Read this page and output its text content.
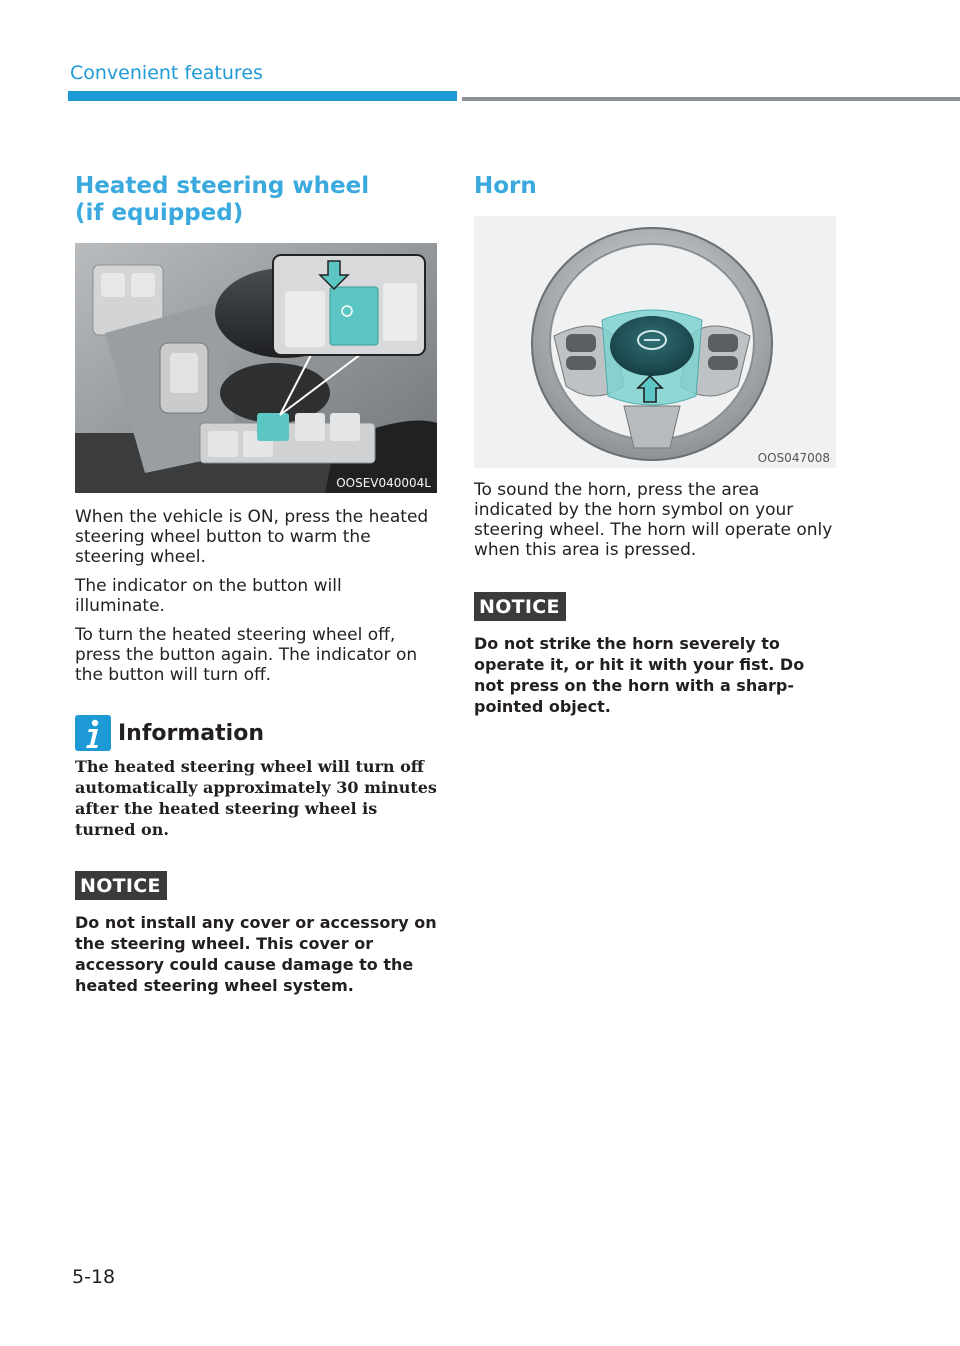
Convenient features
Heated steering wheel
(if equipped)
OOSEV040004L

When the vehicle is ON, press the heated steering wheel button to warm the steering wheel.

The indicator on the button will illuminate.

To turn the heated steering wheel off, press the button again. The indicator on the button will turn off.

Information
The heated steering wheel will turn off automatically approximately 30 minutes after the heated steering wheel is turned on.
NOTICE
Do not install any cover or accessory on the steering wheel. This cover or accessory could cause damage to the heated steering wheel system.
Horn
OOS047008

To sound the horn, press the area indicated by the horn symbol on your steering wheel. The horn will operate only when this area is pressed.

NOTICE
Do not strike the horn severely to operate it, or hit it with your fist. Do not press on the horn with a sharp-pointed object.
5-18
